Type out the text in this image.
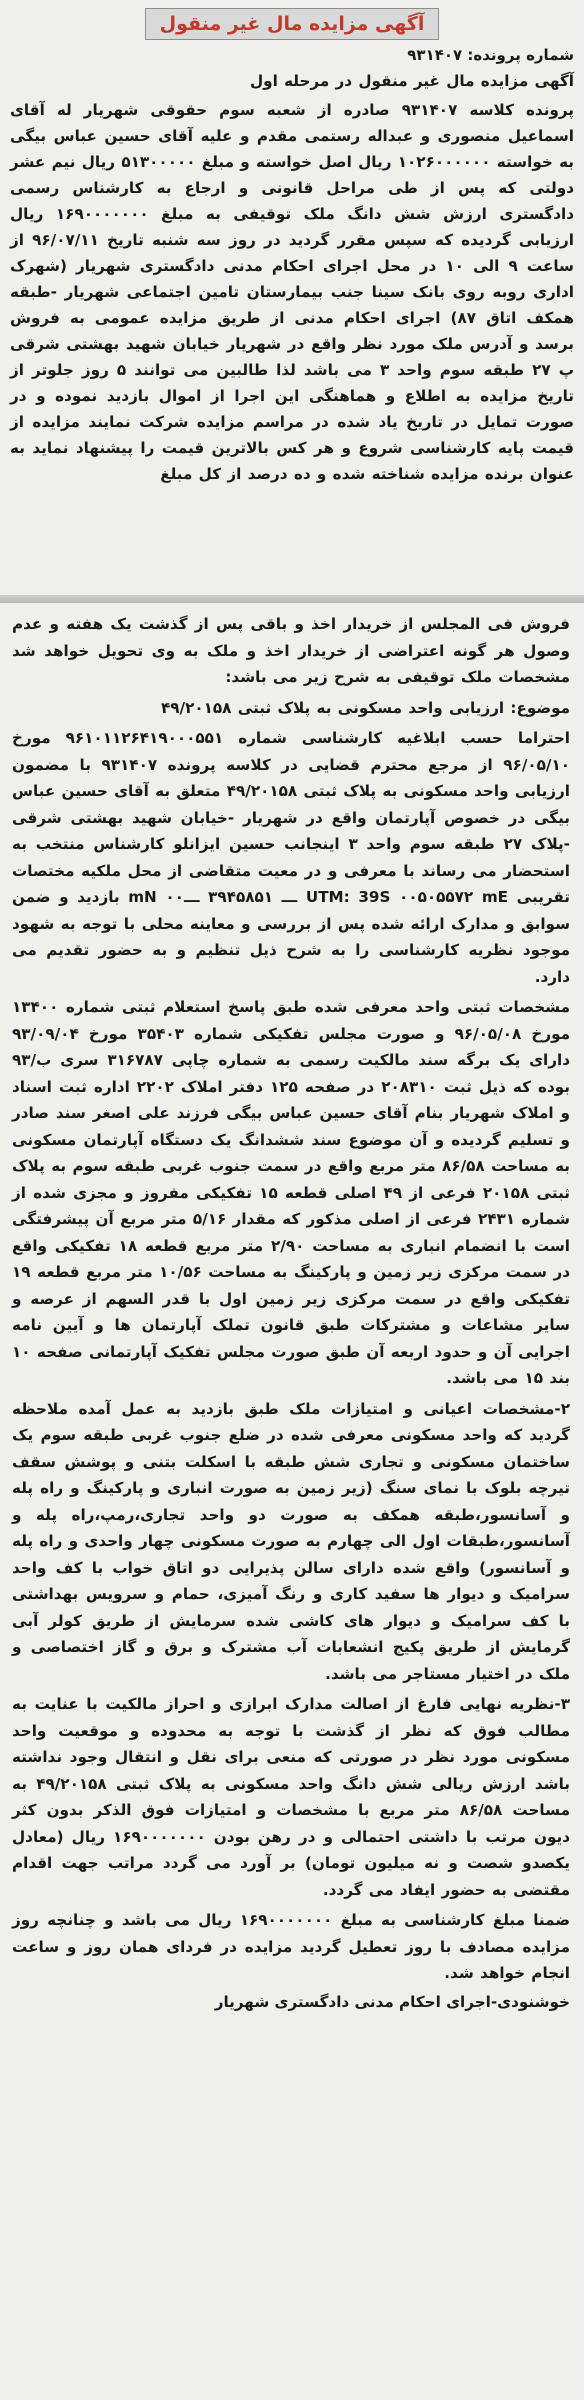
آگهی مزایده مال غیر منقول
شماره پرونده: ۹۳۱۴۰۷

آگهی مزایده مال غیر منقول در مرحله اول

پرونده کلاسه ۹۳۱۴۰۷ صادره از شعبه سوم حقوقی شهریار له آقای اسماعیل منصوری و عبداله رستمی مقدم و علیه آقای حسین عباس بیگی به خواسته ۱۰۲۶۰۰۰۰۰۰ ریال اصل خواسته و مبلغ ۵۱۳۰۰۰۰۰ ریال نیم عشر دولتی که پس از طی مراحل قانونی و ارجاع به کارشناس رسمی دادگستری ارزش شش دانگ ملک توقیفی به مبلغ ۱۶۹۰۰۰۰۰۰۰ ریال ارزیابی گردیده که سپس مقرر گردید در روز سه شنبه تاریخ ۹۶/۰۷/۱۱ از ساعت ۹ الی ۱۰ در محل اجرای احکام مدنی دادگستری شهریار (شهرک اداری روبه روی بانک سینا جنب بیمارستان تامین اجتماعی شهریار -طبقه همکف اتاق ۸۷) اجرای احکام مدنی از طریق مزایده عمومی به فروش برسد و آدرس ملک مورد نظر واقع در شهریار خیابان شهید بهشتی شرقی پ ۲۷ طبقه سوم واحد ۳ می باشد لذا طالبین می توانند ۵ روز جلوتر از تاریخ مزایده به اطلاع و هماهنگی این اجرا از اموال بازدید نموده و در صورت تمایل در تاریخ یاد شده در مراسم مزایده شرکت نمایند مزایده از قیمت پایه کارشناسی شروع و هر کس بالاترین قیمت را پیشنهاد نماید به عنوان برنده مزایده شناخته شده و ده درصد از کل مبلغ

فروش فی المجلس از خریدار اخذ و باقی پس از گذشت یک هفته و عدم وصول هر گونه اعتراضی از خریدار اخذ و ملک به وی تحویل خواهد شد مشخصات ملک توقیفی به شرح زیر می باشد:

موضوع: ارزیابی واحد مسکونی به پلاک ثبتی ۴۹/۲۰۱۵۸

احتراما حسب ابلاغیه کارشناسی شماره ۹۶۱۰۱۱۲۶۴۱۹۰۰۰۵۵۱ مورخ ۹۶/۰۵/۱۰ از مرجع محترم قضایی در کلاسه پرونده ۹۳۱۴۰۷ با مضمون ارزیابی واحد مسکونی به پلاک ثبتی ۴۹/۲۰۱۵۸ متعلق به آقای حسین عباس بیگی در خصوص آپارتمان واقع در شهریار -خیابان شهید بهشتی شرقی -پلاک ۲۷ طبقه سوم واحد ۳ اینجانب حسین ایزانلو کارشناس منتخب به استحضار می رساند با معرفی و در معیت متقاضی از محل ملکیه مختصات تقریبی UTM: 39S ۰۰۵۰۵۵۷۲ mE ـــ ۳۹۴۵۸۵۱ ـــ۰۰ mN بازدید و ضمن سوابق و مدارک ارائه شده پس از بررسی و معاینه محلی با توجه به شهود موجود نظریه کارشناسی را به شرح ذیل تنظیم و به حضور تقدیم می دارد.

مشخصات ثبتی واحد معرفی شده طبق پاسخ استعلام ثبتی شماره ۱۳۴۰۰ مورخ ۹۶/۰۵/۰۸ و صورت مجلس تفکیکی شماره ۳۵۴۰۳ مورخ ۹۳/۰۹/۰۴ دارای یک برگه سند مالکیت رسمی به شماره چاپی ۳۱۶۷۸۷ سری ب/۹۳ بوده که ذیل ثبت ۲۰۸۳۱۰ در صفحه ۱۲۵ دفتر املاک ۲۲۰۲ اداره ثبت اسناد و املاک شهریار بنام آقای حسین عباس بیگی فرزند علی اصغر سند صادر و تسلیم گردیده و آن موضوع سند ششدانگ یک دستگاه آپارتمان مسکونی به مساحت ۸۶/۵۸ متر مربع واقع در سمت جنوب غربی طبقه سوم به پلاک ثبتی ۲۰۱۵۸ فرعی از ۴۹ اصلی قطعه ۱۵ تفکیکی مفروز و مجزی شده از شماره ۲۴۳۱ فرعی از اصلی مذکور که مقدار ۵/۱۶ متر مربع آن پیشرفتگی است با انضمام انباری به مساحت ۲/۹۰ متر مربع قطعه ۱۸ تفکیکی واقع در سمت مرکزی زیر زمین و پارکینگ به مساحت ۱۰/۵۶ متر مربع قطعه ۱۹ تفکیکی واقع در سمت مرکزی زیر زمین اول با قدر السهم از عرصه و سایر مشاعات و مشترکات طبق قانون تملک آپارتمان ها و آیین نامه اجرایی آن و حدود اربعه آن طبق صورت مجلس تفکیک آپارتمانی صفحه ۱۰ بند ۱۵ می باشد.

۲-مشخصات اعیانی و امتیازات ملک طبق بازدید به عمل آمده ملاحظه گردید که واحد مسکونی معرفی شده در ضلع جنوب غربی طبقه سوم یک ساختمان مسکونی و تجاری شش طبقه با اسکلت بتنی و پوشش سقف تیرچه بلوک با نمای سنگ (زیر زمین به صورت انباری و پارکینگ و راه پله و آسانسور،طبقه همکف به صورت دو واحد تجاری،رمپ،راه پله و آسانسور،طبقات اول الی چهارم به صورت مسکونی چهار واحدی و راه پله و آسانسور) واقع شده دارای سالن پذیرایی دو اتاق خواب با کف واحد سرامیک و دیوار ها سفید کاری و رنگ آمیزی، حمام و سرویس بهداشتی با کف سرامیک و دیوار های کاشی شده سرمایش از طریق کولر آبی گرمایش از طریق پکیج انشعابات آب مشترک و برق و گاز اختصاصی و ملک در اختیار مستاجر می باشد.

۳-نظریه نهایی فارغ از اصالت مدارک ابرازی و احراز مالکیت با عنایت به مطالب فوق که نظر از گذشت با توجه به محدوده و موقعیت واحد مسکونی مورد نظر در صورتی که منعی برای نقل و انتقال وجود نداشته باشد ارزش ریالی شش دانگ واحد مسکونی به پلاک ثبتی ۴۹/۲۰۱۵۸ به مساحت ۸۶/۵۸ متر مربع با مشخصات و امتیازات فوق الذکر بدون کثر دیون مرتب با داشتی احتمالی و در رهن بودن ۱۶۹۰۰۰۰۰۰۰ ریال (معادل یکصدو شصت و نه میلیون تومان) بر آورد می گردد مراتب جهت اقدام مقتضی به حضور ایفاد می گردد.

ضمنا مبلغ کارشناسی به مبلغ ۱۶۹۰۰۰۰۰۰۰ ریال می باشد و چنانچه روز مزایده مصادف با روز تعطیل گردید مزایده در فردای همان روز و ساعت انجام خواهد شد.

خوشنودی-اجرای احکام مدنی دادگستری شهریار
